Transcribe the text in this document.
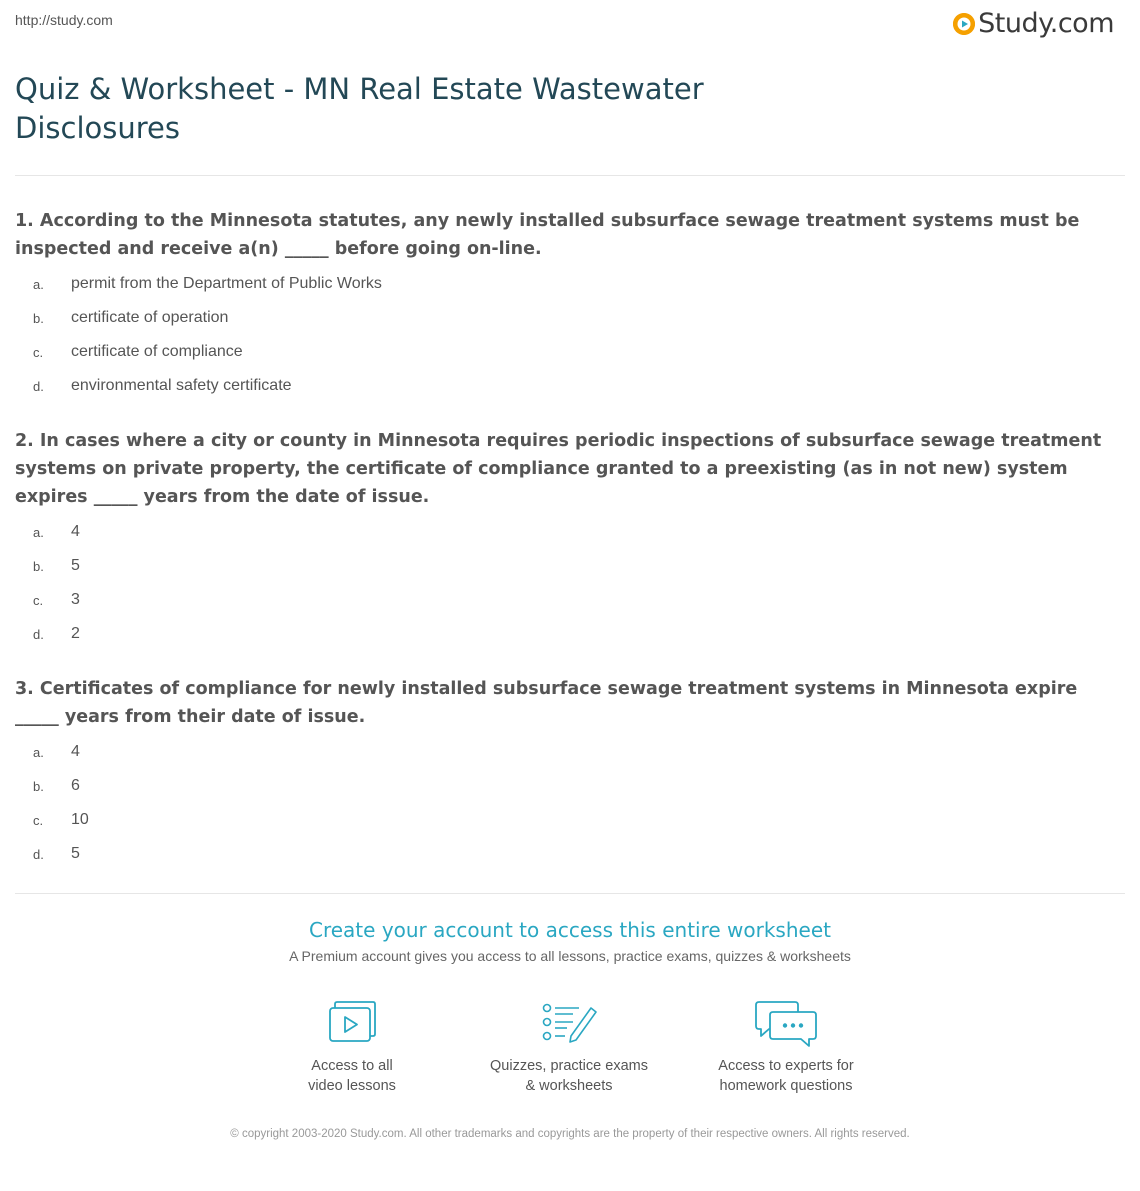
http://study.com	Study.com
Quiz & Worksheet - MN Real Estate Wastewater Disclosures

1. According to the Minnesota statutes, any newly installed subsurface sewage treatment systems must be inspected and receive a(n) _____ before going on-line.

a.	permit from the Department of Public Works
b.	certificate of operation
c.	certificate of compliance
d.	environmental safety certificate

2. In cases where a city or county in Minnesota requires periodic inspections of subsurface sewage treatment systems on private property, the certificate of compliance granted to a preexisting (as in not new) system expires _____ years from the date of issue.

a.	4
b.	5
c.	3
d.	2

3. Certificates of compliance for newly installed subsurface sewage treatment systems in Minnesota expire _____ years from their date of issue.

a.	4
b.	6
c.	10
d.	5
Create your account to access this entire worksheet
A Premium account gives you access to all lessons, practice exams, quizzes & worksheets
Access to all
video lessons
Quizzes, practice exams
& worksheets
Access to experts for
homework questions
© copyright 2003-2020 Study.com. All other trademarks and copyrights are the property of their respective owners. All rights reserved.
